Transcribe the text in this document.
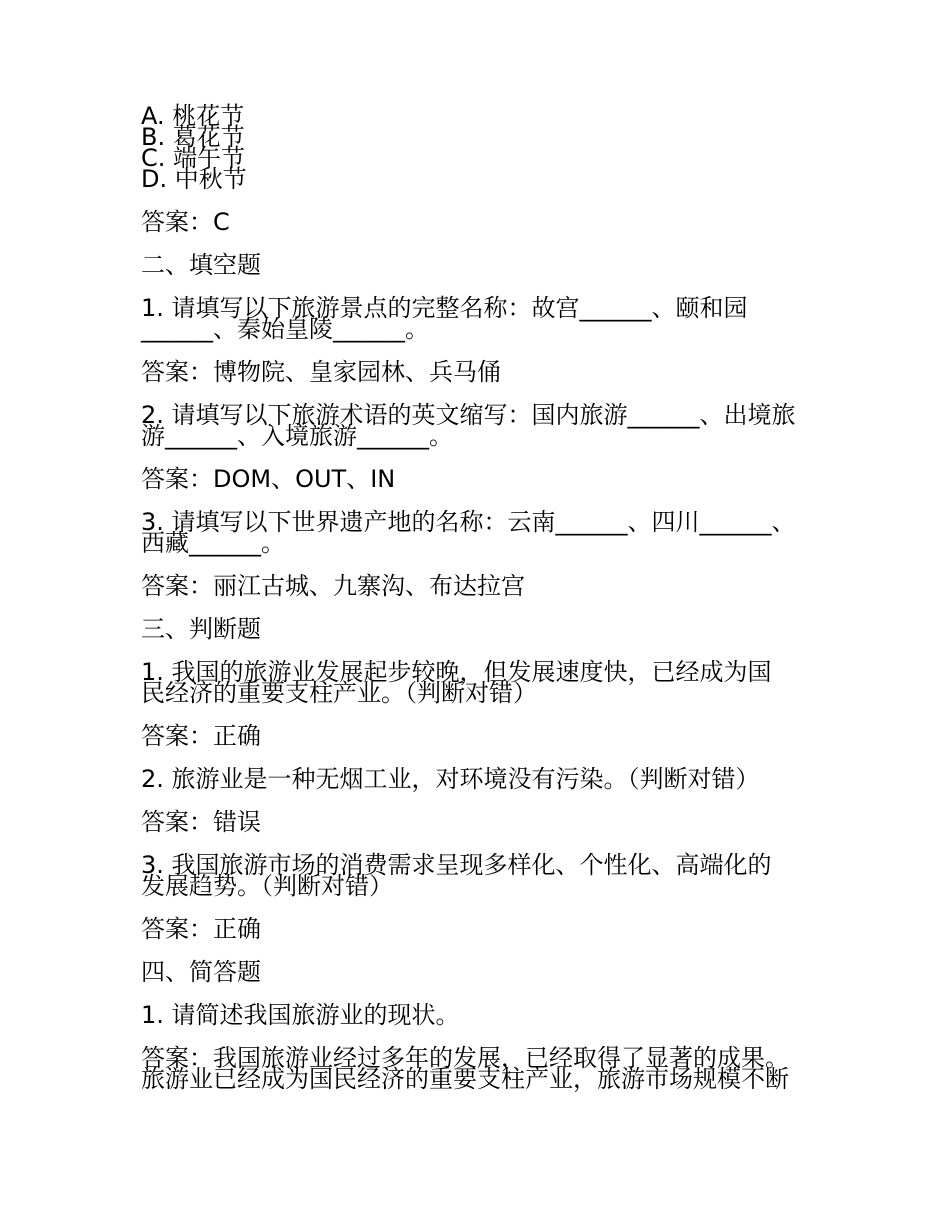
A. 桃花节
B. 葛花节
C. 端午节
D. 中秋节
答案：C
二、填空题
1. 请填写以下旅游景点的完整名称：故宫______、颐和园
______、秦始皇陵______。
答案：博物院、皇家园林、兵马俑
2. 请填写以下旅游术语的英文缩写：国内旅游______、出境旅
游______、入境旅游______。
答案：DOM、OUT、IN
3. 请填写以下世界遗产地的名称：云南______、四川______、
西藏______。
答案：丽江古城、九寨沟、布达拉宫
三、判断题
1. 我国的旅游业发展起步较晚，但发展速度快，已经成为国
民经济的重要支柱产业。（判断对错）
答案：正确
2. 旅游业是一种无烟工业，对环境没有污染。（判断对错）
答案：错误
3. 我国旅游市场的消费需求呈现多样化、个性化、高端化的
发展趋势。（判断对错）
答案：正确
四、简答题
1. 请简述我国旅游业的现状。
答案：我国旅游业经过多年的发展，已经取得了显著的成果。
旅游业已经成为国民经济的重要支柱产业，旅游市场规模不断
